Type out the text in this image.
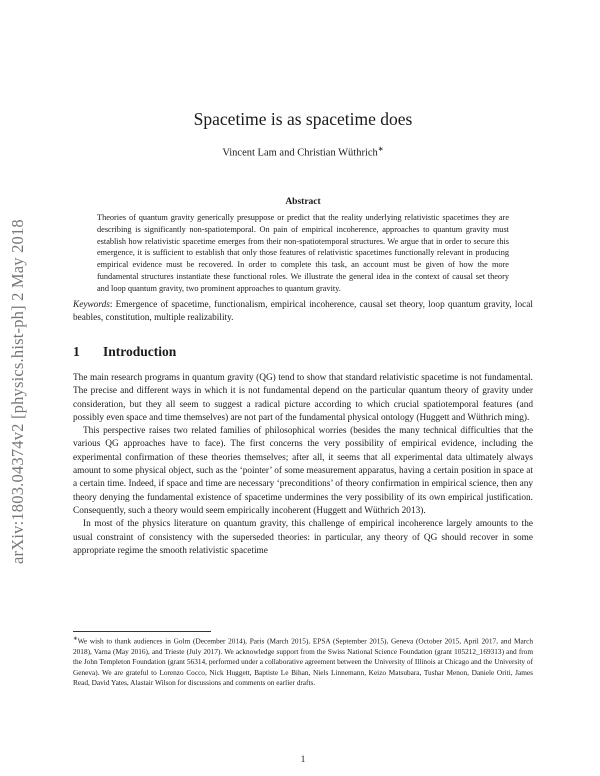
arXiv:1803.04374v2 [physics.hist-ph] 2 May 2018
Spacetime is as spacetime does
Vincent Lam and Christian Wüthrich∗
Abstract
Theories of quantum gravity generically presuppose or predict that the reality underlying relativistic spacetimes they are describing is significantly non-spatiotemporal. On pain of empirical incoherence, approaches to quantum gravity must establish how relativistic spacetime emerges from their non-spatiotemporal structures. We argue that in order to secure this emergence, it is sufficient to establish that only those features of relativistic spacetimes functionally relevant in producing empirical evidence must be recovered. In order to complete this task, an account must be given of how the more fundamental structures instantiate these functional roles. We illustrate the general idea in the context of causal set theory and loop quantum gravity, two prominent approaches to quantum gravity.
Keywords: Emergence of spacetime, functionalism, empirical incoherence, causal set theory, loop quantum gravity, local beables, constitution, multiple realizability.
1 Introduction

The main research programs in quantum gravity (QG) tend to show that standard relativistic spacetime is not fundamental. The precise and different ways in which it is not fundamental depend on the particular quantum theory of gravity under consideration, but they all seem to suggest a radical picture according to which crucial spatiotemporal features (and possibly even space and time themselves) are not part of the fundamental physical ontology (Huggett and Wüthrich ming).

This perspective raises two related families of philosophical worries (besides the many technical difficulties that the various QG approaches have to face). The first concerns the very possibility of empirical evidence, including the experimental confirmation of these theories themselves; after all, it seems that all experimental data ultimately always amount to some physical object, such as the ‘pointer’ of some measurement apparatus, having a certain position in space at a certain time. Indeed, if space and time are necessary ‘preconditions’ of theory confirmation in empirical science, then any theory denying the fundamental existence of spacetime undermines the very possibility of its own empirical justification. Consequently, such a theory would seem empirically incoherent (Huggett and Wüthrich 2013).

In most of the physics literature on quantum gravity, this challenge of empirical incoherence largely amounts to the usual constraint of consistency with the superseded theories: in particular, any theory of QG should recover in some appropriate regime the smooth relativistic spacetime

∗We wish to thank audiences in Golm (December 2014), Paris (March 2015), EPSA (September 2015), Geneva (October 2015, April 2017, and March 2018), Varna (May 2016), and Trieste (July 2017). We acknowledge support from the Swiss National Science Foundation (grant 105212_169313) and from the John Templeton Foundation (grant 56314, performed under a collaborative agreement between the University of Illinois at Chicago and the University of Geneva). We are grateful to Lorenzo Cocco, Nick Huggett, Baptiste Le Bihan, Niels Linnemann, Keizo Matsubara, Tushar Menon, Daniele Oriti, James Read, David Yates, Alastair Wilson for discussions and comments on earlier drafts.
1
